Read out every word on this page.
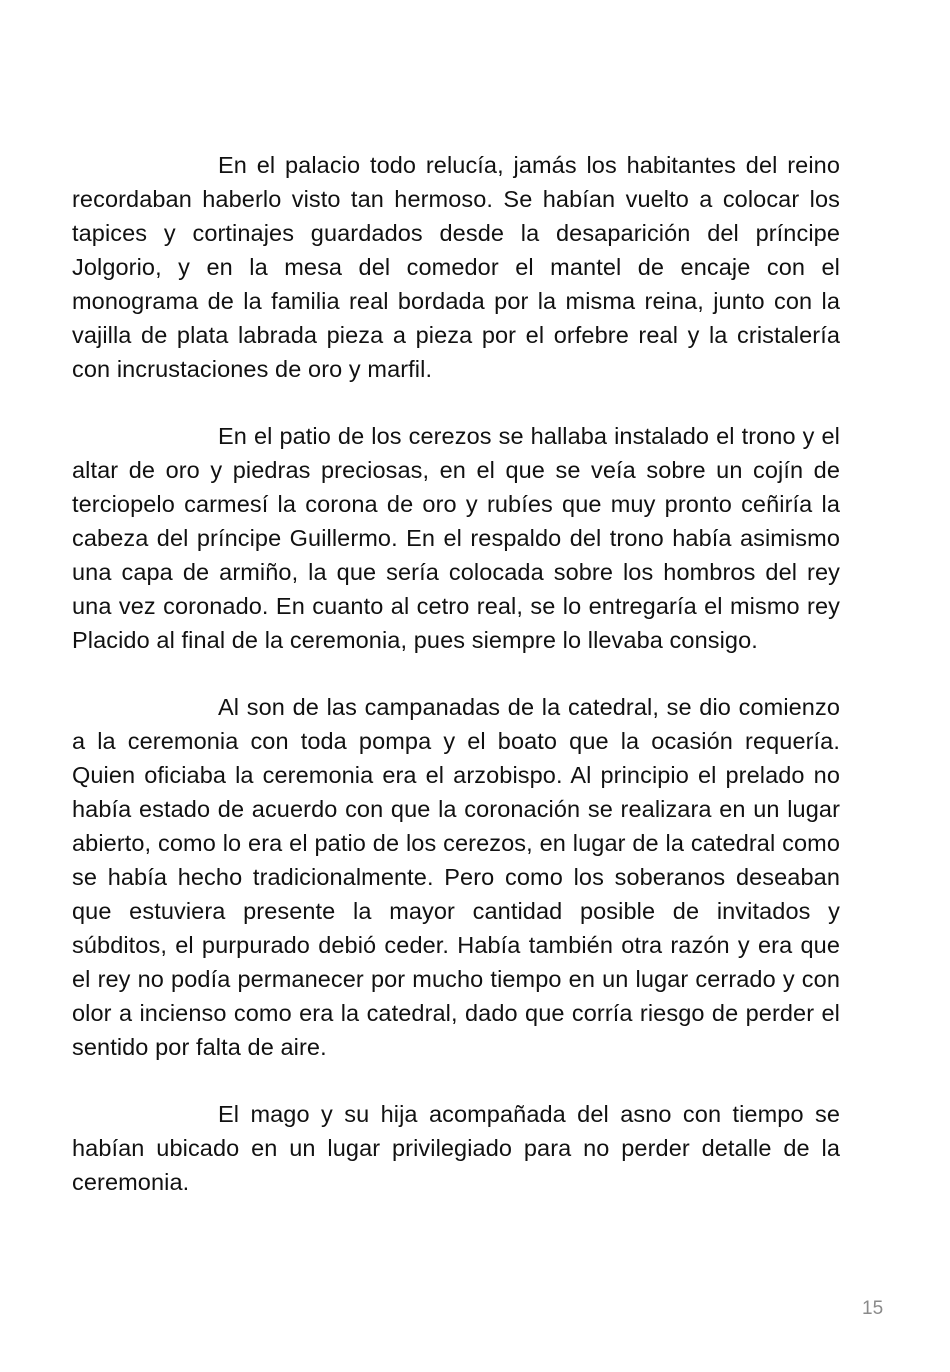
En el palacio todo relucía, jamás los habitantes del reino recordaban haberlo visto tan hermoso. Se habían vuelto a colocar los tapices y cortinajes guardados desde la desaparición del príncipe Jolgorio, y en la mesa del comedor el mantel de encaje con el monograma de la familia real bordada por la misma reina, junto con la vajilla de plata labrada pieza a pieza por el orfebre real y la cristalería con incrustaciones de oro y marfil.

En el patio de los cerezos se hallaba instalado el trono y el altar de oro y piedras preciosas, en el que se veía sobre un cojín de terciopelo carmesí la corona de oro y rubíes que muy pronto ceñiría la cabeza del príncipe Guillermo. En el respaldo del trono había asimismo una capa de armiño, la que sería colocada sobre los hombros del rey una vez coronado. En cuanto al cetro real, se lo entregaría el mismo rey Placido al final de la ceremonia, pues siempre lo llevaba consigo.

Al son de las campanadas de la catedral, se dio comienzo a la ceremonia con toda pompa y el boato que la ocasión requería. Quien oficiaba la ceremonia era el arzobispo. Al principio el prelado no había estado de acuerdo con que la coronación se realizara en un lugar abierto, como lo era el patio de los cerezos, en lugar de la catedral como se había hecho tradicionalmente. Pero como los soberanos deseaban que estuviera presente la mayor cantidad posible de invitados y súbditos, el purpurado debió ceder. Había también otra razón y era que el rey no podía permanecer por mucho tiempo en un lugar cerrado y con olor a incienso como era la catedral, dado que corría riesgo de perder el sentido por falta de aire.

El mago y su hija acompañada del asno con tiempo se habían ubicado en un lugar privilegiado para no perder detalle de la ceremonia.

15
